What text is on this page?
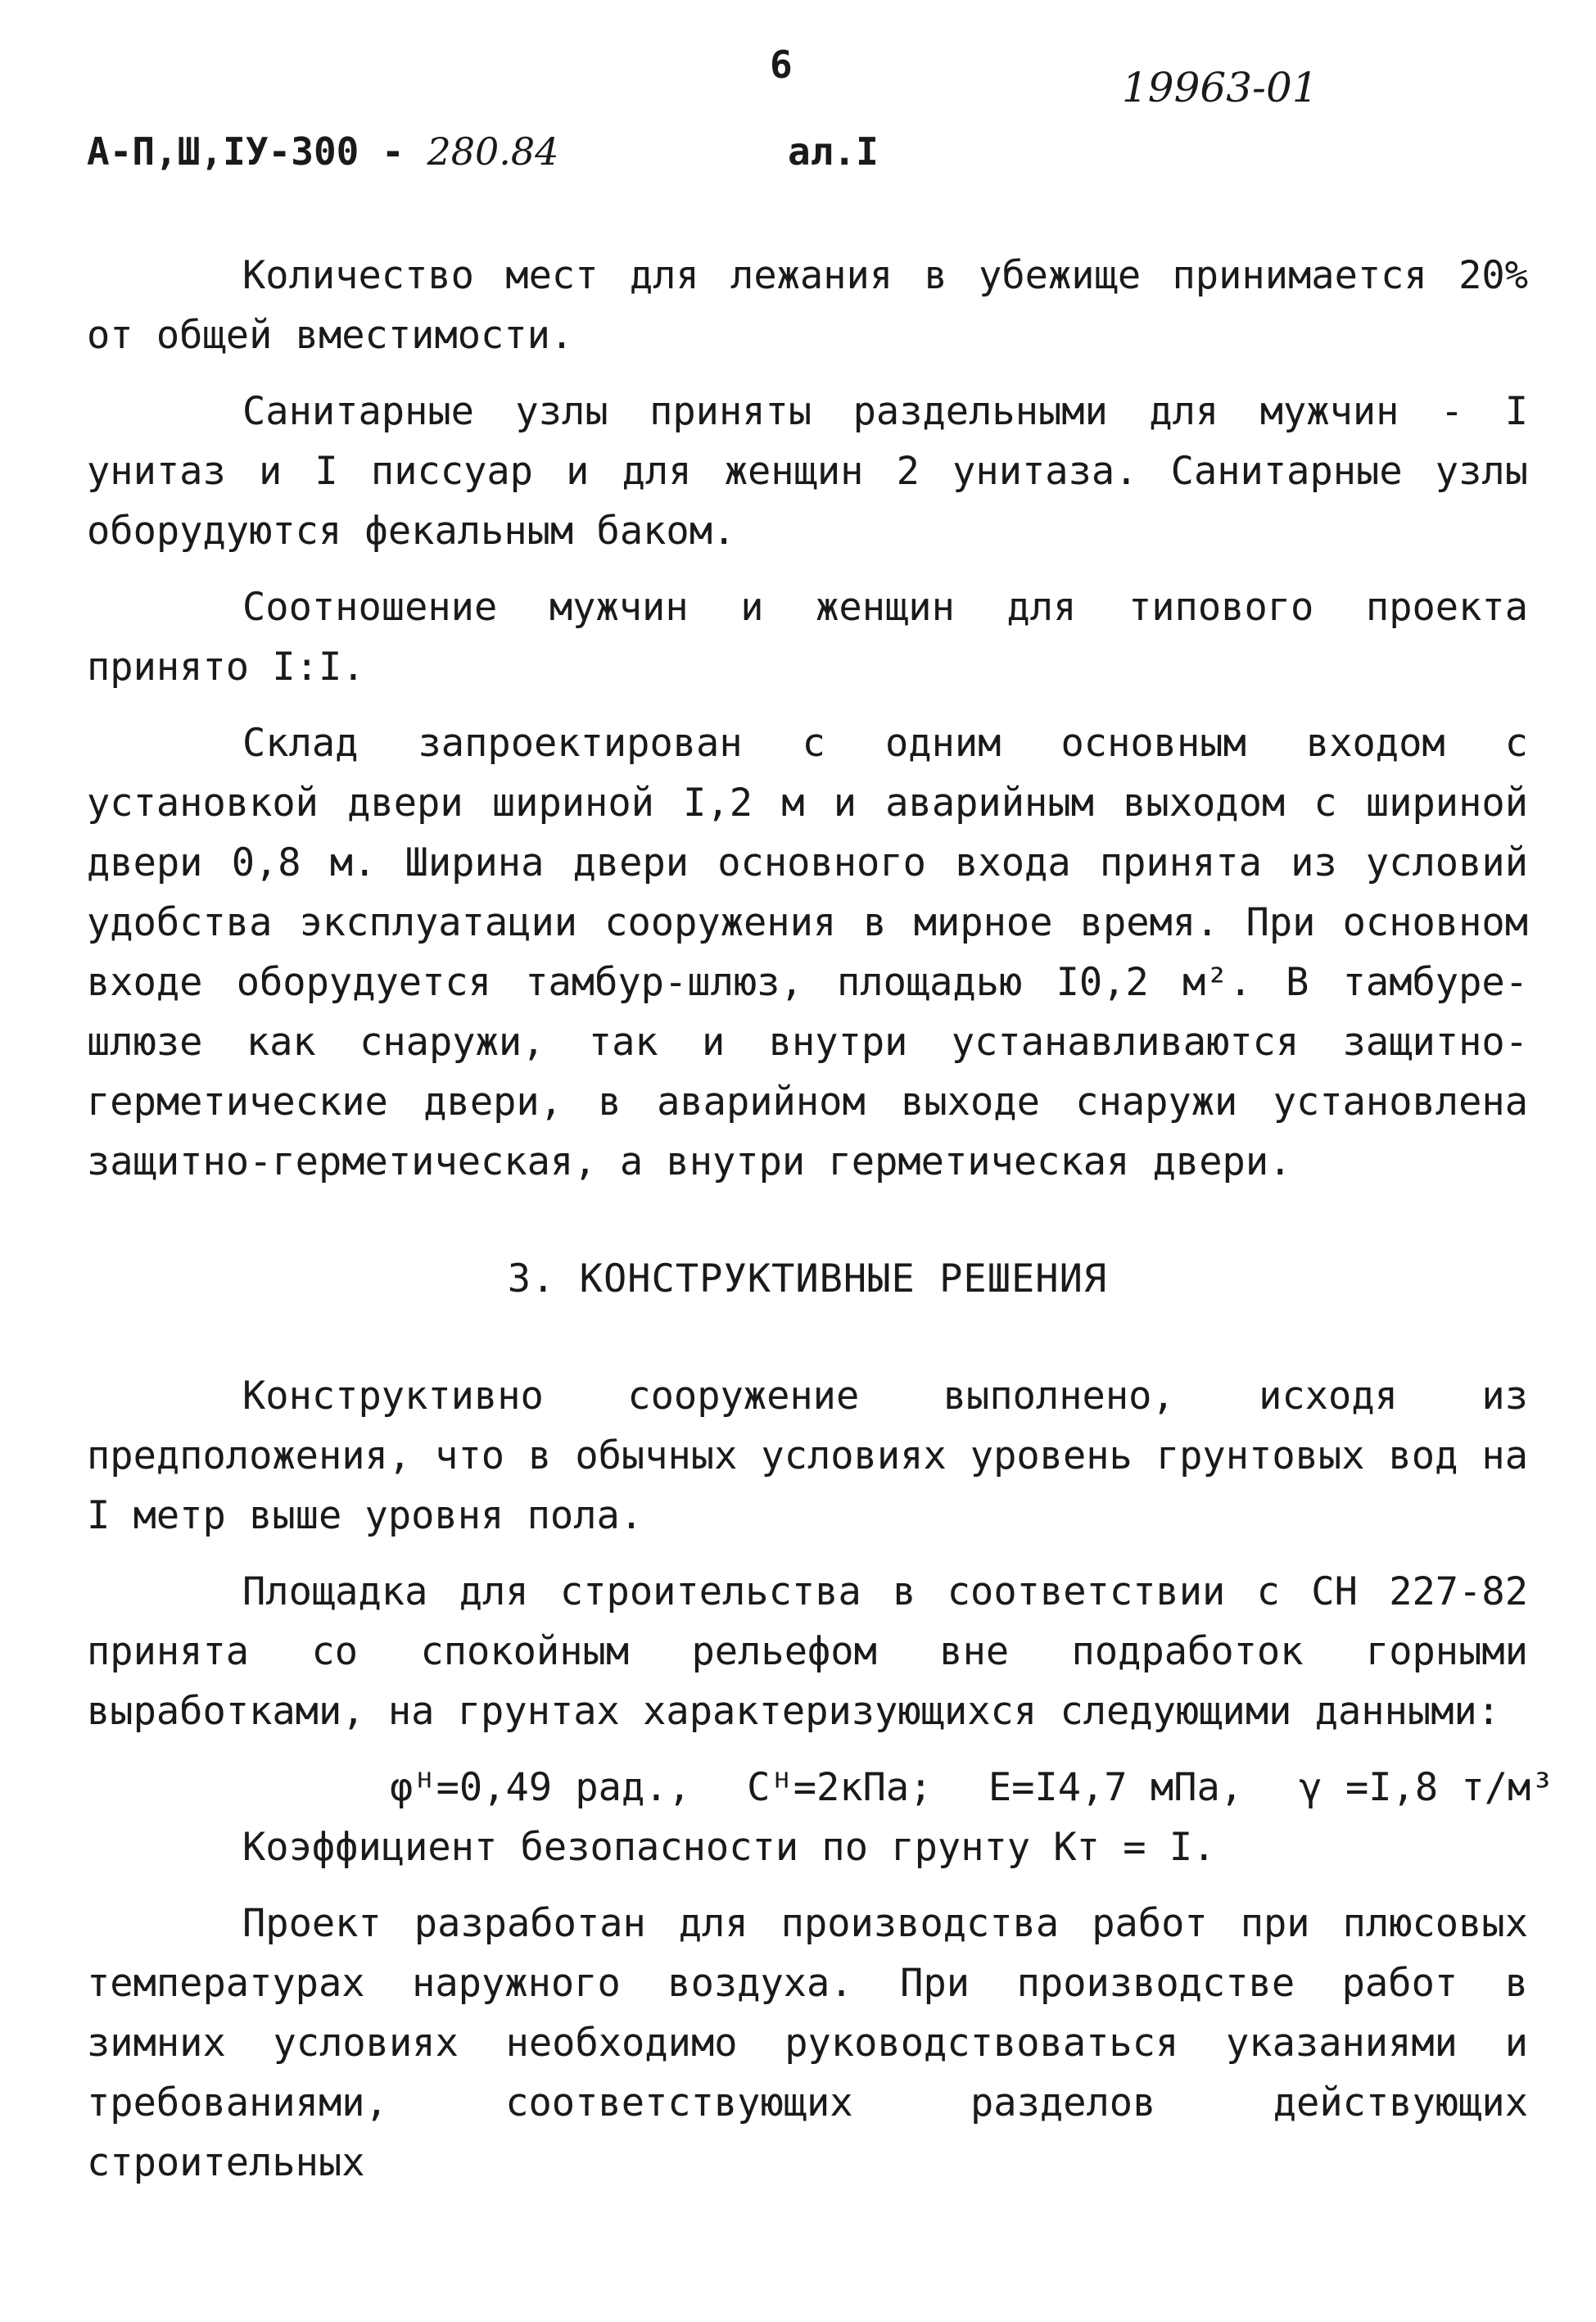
6	19963-01
А-П,Ш,IУ-300 - 280.84	ал.I

Количество мест для лежания в убежище принимается 20% от общей вместимости.

Санитарные узлы приняты раздельными для мужчин - I унитаз и I писсуар и для женщин 2 унитаза. Санитарные узлы оборудуются фекальным баком.

Соотношение мужчин и женщин для типового проекта принято I:I.

Склад запроектирован с одним основным входом с установкой двери шириной I,2 м и аварийным выходом с шириной двери 0,8 м. Ширина двери основного входа принята из условий удобства эксплуатации сооружения в мирное время. При основном входе оборудуется тамбур-шлюз, площадью I0,2 м². В тамбуре-шлюзе как снаружи, так и внутри устанавливаются защитно-герметические двери, в аварийном выходе снаружи установлена защитно-герметическая, а внутри герметическая двери.

3. КОНСТРУКТИВНЫЕ РЕШЕНИЯ

Конструктивно сооружение выполнено, исходя из предположения, что в обычных условиях уровень грунтовых вод на I метр выше уровня пола.

Площадка для строительства в соответствии с СН 227-82 принята со спокойным рельефом вне подработок горными выработками, на грунтах характеризующихся следующими данными:

φᴴ=0,49 рад., Cᴴ=2кПа; E=I4,7 мПа, γ =I,8 т/м³
Коэффициент безопасности по грунту Кт = I.

Проект разработан для производства работ при плюсовых температурах наружного воздуха. При производстве работ в зимних условиях необходимо руководствоваться указаниями и требованиями, соответствующих разделов действующих строительных
